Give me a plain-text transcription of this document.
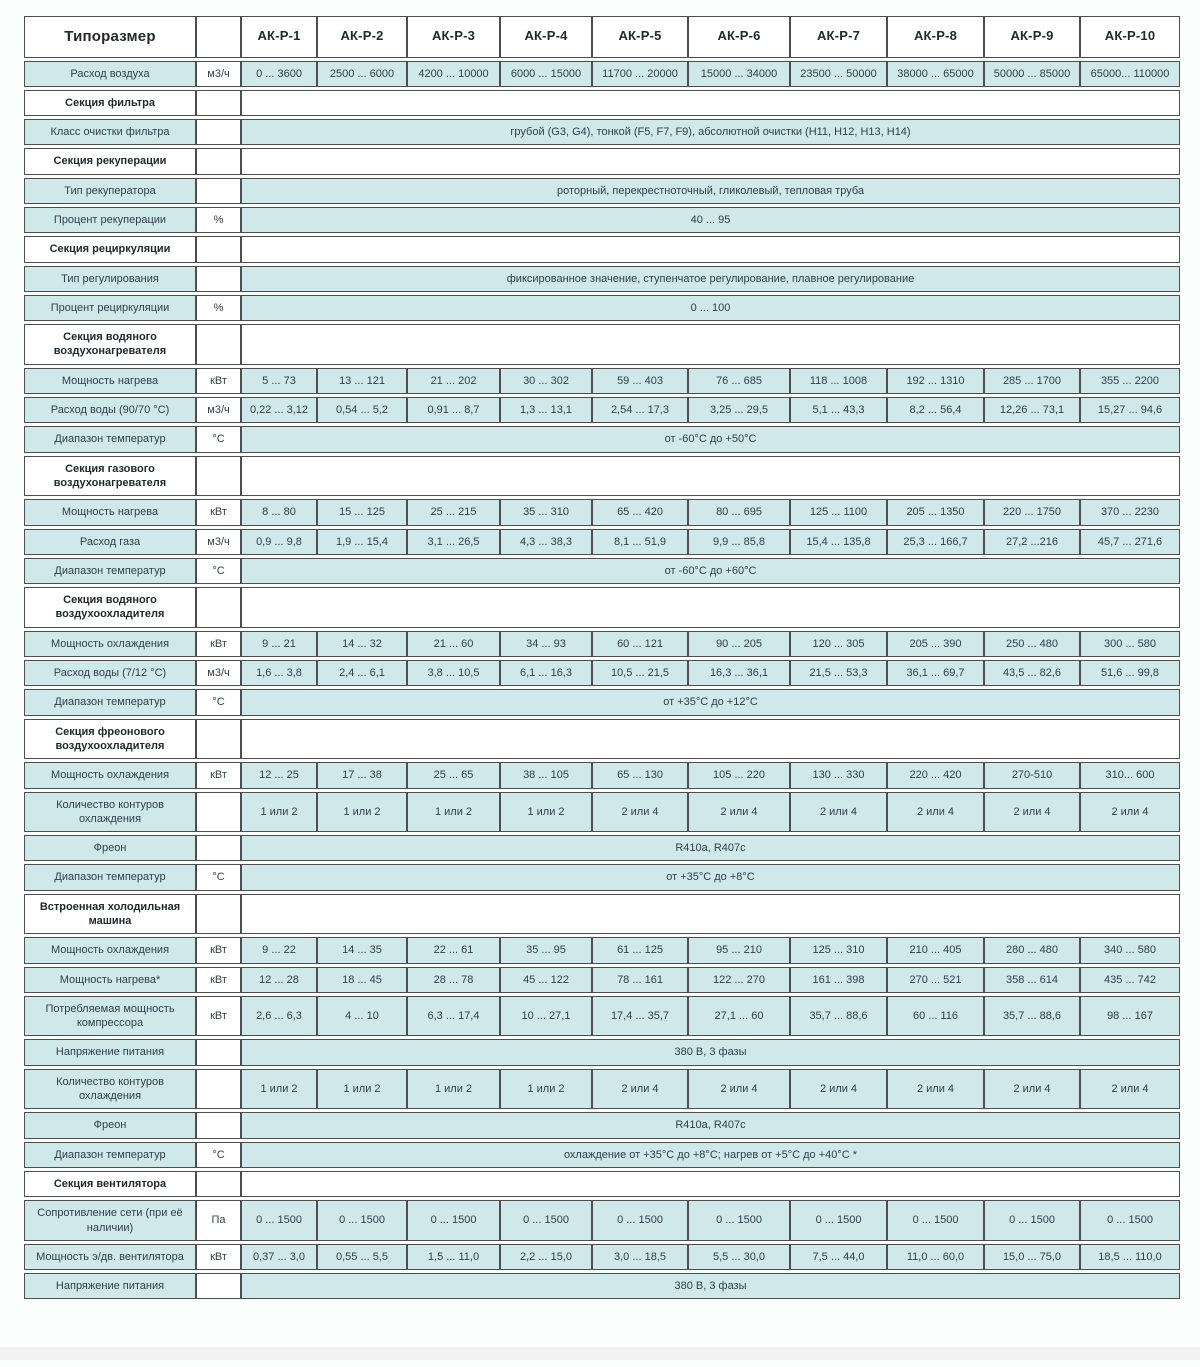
Типоразмер		АК-Р-1	АК-Р-2	АК-Р-3	АК-Р-4	АК-Р-5	АК-Р-6	АК-Р-7	АК-Р-8	АК-Р-9	АК-Р-10
Расход воздуха	м3/ч	0 ... 3600	2500 ... 6000	4200 ... 10000	6000 ... 15000	11700 ... 20000	15000 ... 34000	23500 ... 50000	38000 ... 65000	50000 ... 85000	65000... 110000
Секция фильтра											
Класс очистки фильтра		грубой (G3, G4), тонкой (F5, F7, F9), абсолютной очистки (Н11, Н12, Н13, Н14)									
Секция рекуперации											
Тип рекуператора		роторный, перекрестноточный, гликолевый, тепловая труба									
Процент рекуперации	%	40 ... 95									
Секция рециркуляции											
Тип регулирования		фиксированное значение, ступенчатое регулирование, плавное регулирование									
Процент рециркуляции	%	0 ... 100									
Секция водяного воздухонагревателя											
Мощность нагрева	кВт	5 ... 73	13 ... 121	21 ... 202	30 ... 302	59 ... 403	76 ... 685	118 ... 1008	192 ... 1310	285 ... 1700	355 ... 2200
Расход воды (90/70 °С)	м3/ч	0,22 ... 3,12	0,54 ... 5,2	0,91 ... 8,7	1,3 ... 13,1	2,54 ... 17,3	3,25 ... 29,5	5,1 ... 43,3	8,2 ... 56,4	12,26 ... 73,1	15,27 ... 94,6
Диапазон температур	°С	от -60°С до +50°С									
Секция газового воздухонагревателя											
Мощность нагрева	кВт	8 ... 80	15 ... 125	25 ... 215	35 ... 310	65 ... 420	80 ... 695	125 ... 1100	205 ... 1350	220 ... 1750	370 ... 2230
Расход газа	м3/ч	0,9 ... 9,8	1,9 ... 15,4	3,1 ... 26,5	4,3 ... 38,3	8,1 ... 51,9	9,9 ... 85,8	15,4 ... 135,8	25,3 ... 166,7	27,2 ...216	45,7 ... 271,6
Диапазон температур	°С	от -60°С до +60°С									
Секция водяного воздухоохладителя											
Мощность охлаждения	кВт	9 ... 21	14 ... 32	21 ... 60	34 ... 93	60 ... 121	90 ... 205	120 ... 305	205 ... 390	250 ... 480	300 ... 580
Расход воды (7/12 °С)	м3/ч	1,6 ... 3,8	2,4 ... 6,1	3,8 ... 10,5	6,1 ... 16,3	10,5 ... 21,5	16,3 ... 36,1	21,5 ... 53,3	36,1 ... 69,7	43,5 ... 82,6	51,6 ... 99,8
Диапазон температур	°С	от +35°С до +12°С									
Секция фреонового воздухоохладителя											
Мощность охлаждения	кВт	12 ... 25	17 ... 38	25 ... 65	38 ... 105	65 ... 130	105 ... 220	130 ... 330	220 ... 420	270-510	310... 600
Количество контуров охлаждения		1 или 2	1 или 2	1 или 2	1 или 2	2 или 4	2 или 4	2 или 4	2 или 4	2 или 4	2 или 4
Фреон		R410a, R407c									
Диапазон температур	°С	от +35°С до +8°С									
Встроенная холодильная машина											
Мощность охлаждения	кВт	9 ... 22	14 ... 35	22 ... 61	35 ... 95	61 ... 125	95 ... 210	125 ... 310	210 ... 405	280 ... 480	340 ... 580
Мощность нагрева*	кВт	12 ... 28	18 ... 45	28 ... 78	45 ... 122	78 ... 161	122 ... 270	161 ... 398	270 ... 521	358 ... 614	435 ... 742
Потребляемая мощность компрессора	кВт	2,6 ... 6,3	4 ... 10	6,3 ... 17,4	10 ... 27,1	17,4 ... 35,7	27,1 ... 60	35,7 ... 88,6	60 ... 116	35,7 ... 88,6	98 ... 167
Напряжение питания		380 В, 3 фазы									
Количество контуров охлаждения		1 или 2	1 или 2	1 или 2	1 или 2	2 или 4	2 или 4	2 или 4	2 или 4	2 или 4	2 или 4
Фреон		R410a, R407c									
Диапазон температур	°С	охлаждение от +35°С до +8°С; нагрев от +5°С до +40°С *									
Секция вентилятора											
Сопротивление сети (при её наличии)	Па	0 ... 1500	0 ... 1500	0 ... 1500	0 ... 1500	0 ... 1500	0 ... 1500	0 ... 1500	0 ... 1500	0 ... 1500	0 ... 1500
Мощность э/дв. вентилятора	кВт	0,37 ... 3,0	0,55 ... 5,5	1,5 ... 11,0	2,2 ... 15,0	3,0 ... 18,5	5,5 ... 30,0	7,5 ... 44,0	11,0 ... 60,0	15,0 ... 75,0	18,5 ... 110,0
Напряжение питания		380 В, 3 фазы									
